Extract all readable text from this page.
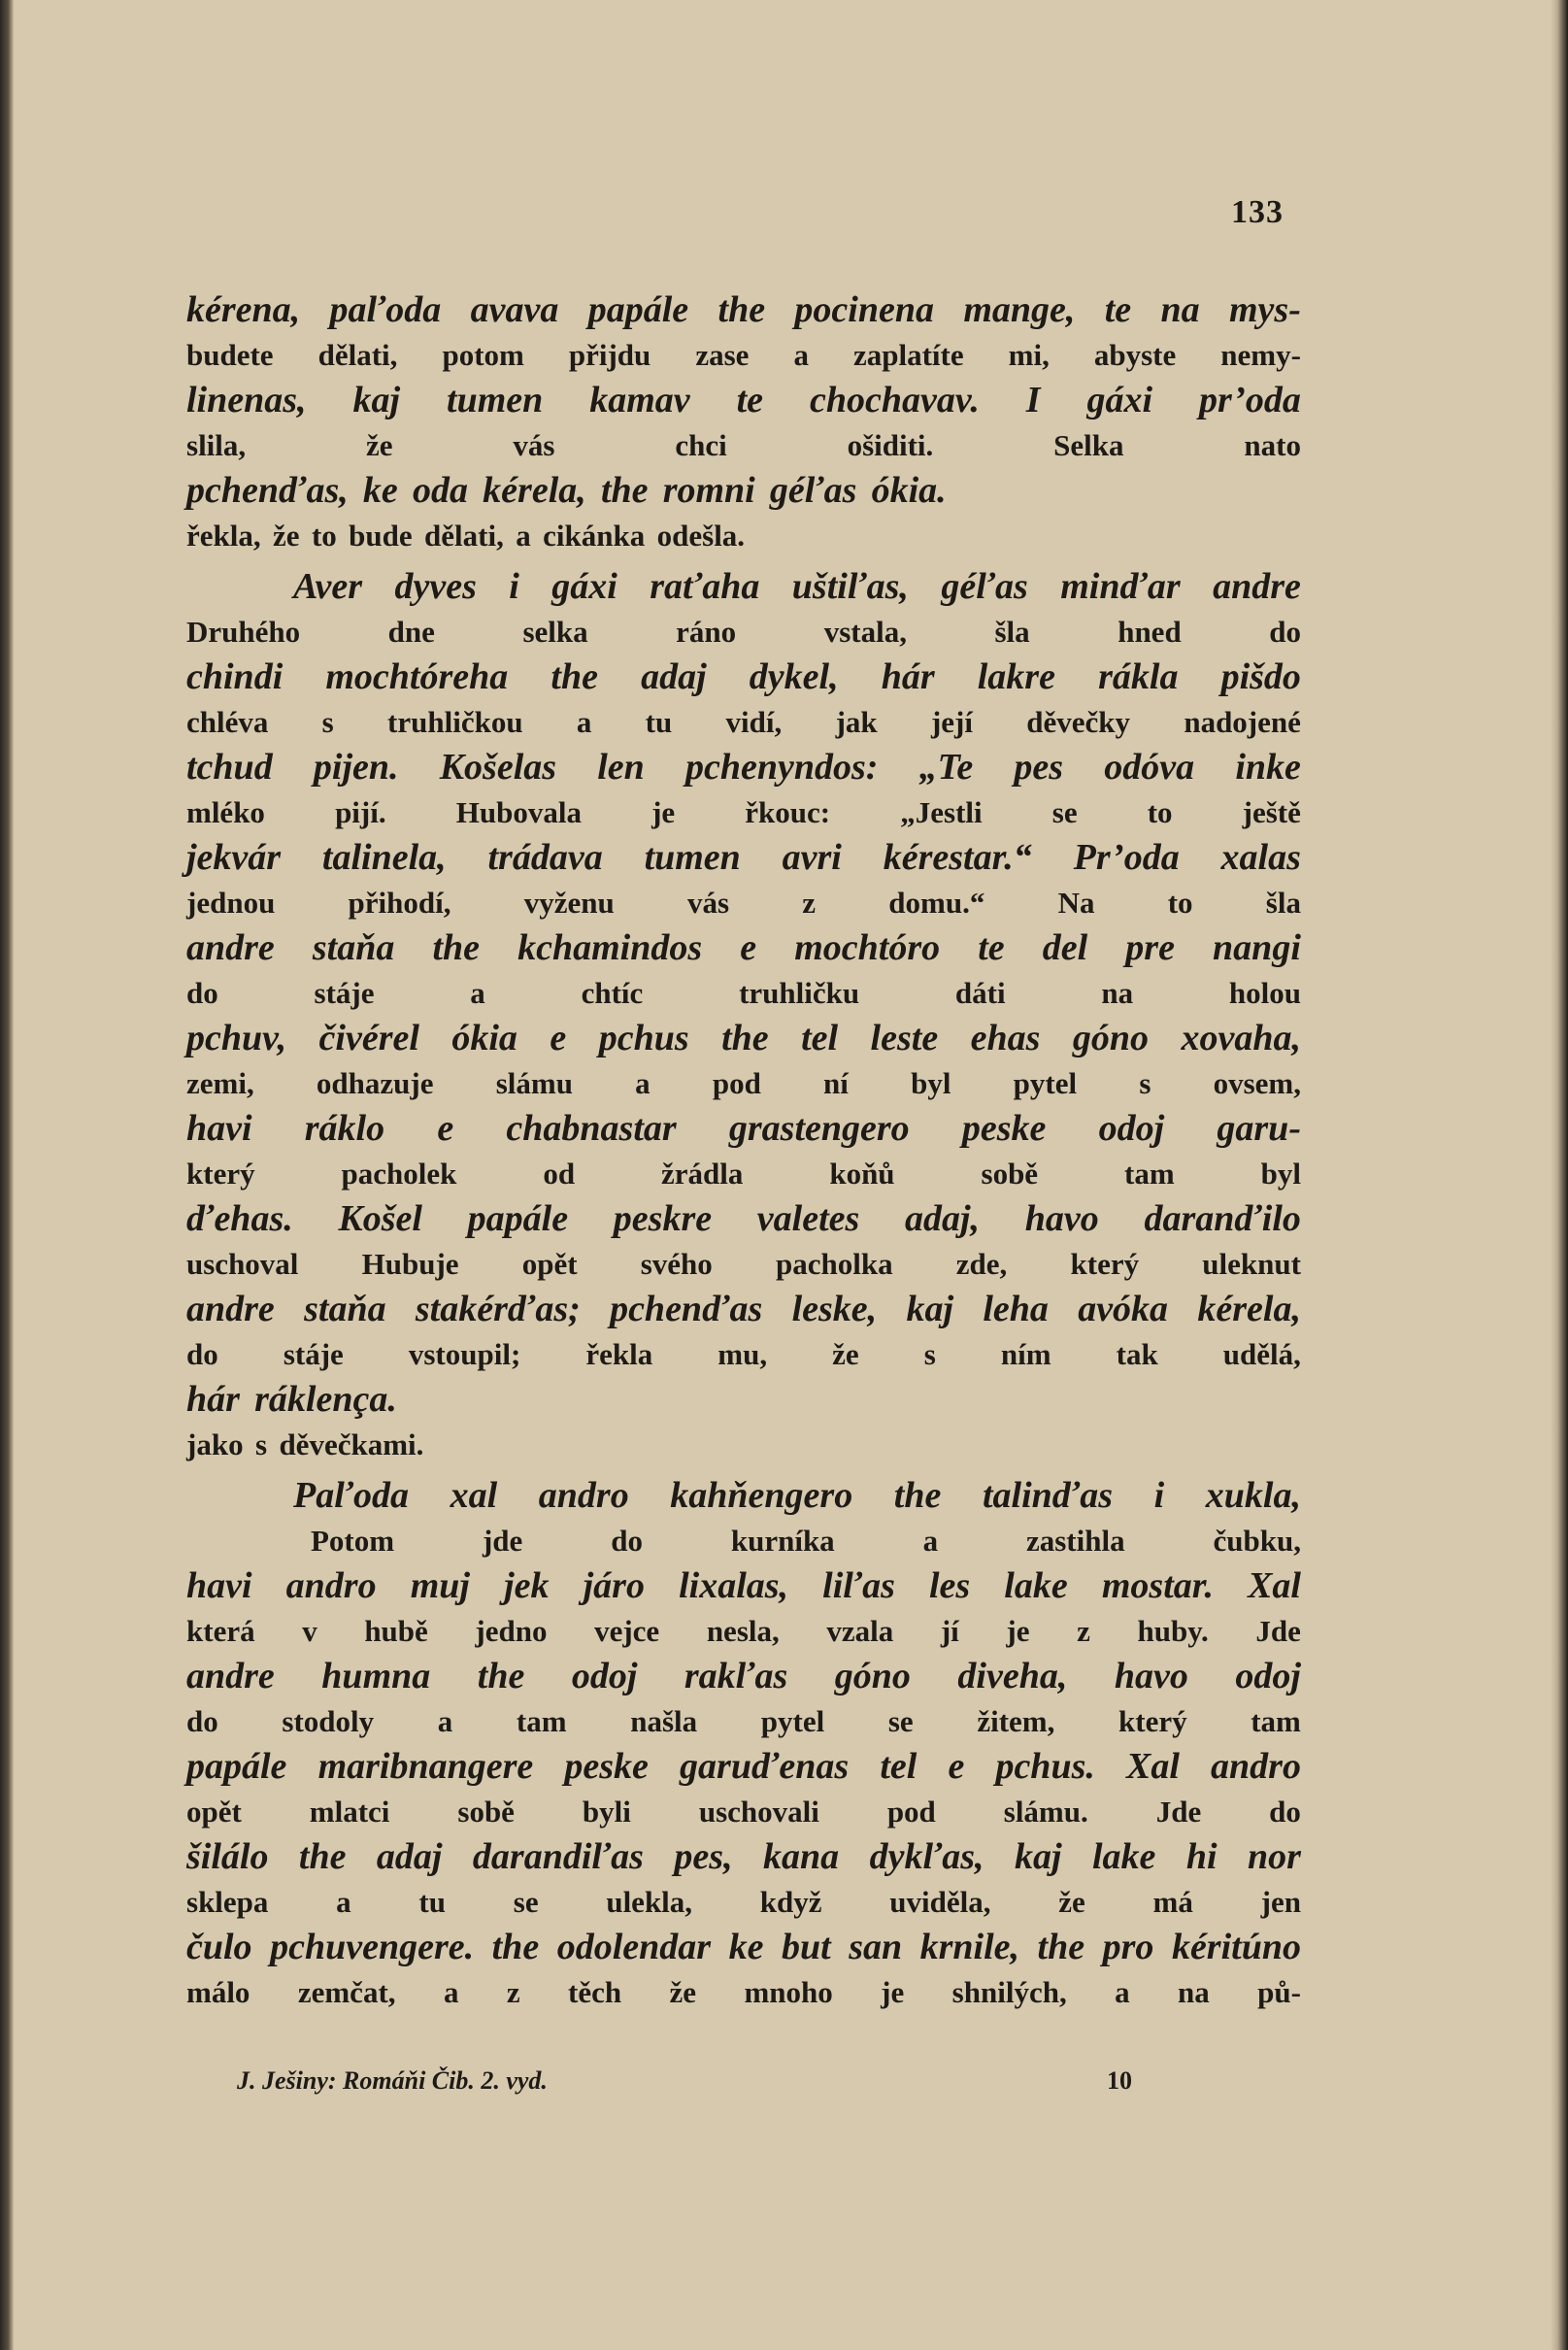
133
kérena, paľoda avava papále the pocinena mange, te na mys-
budete dělati, potom přijdu zase a zaplatíte mi, abyste nemy-
linenas, kaj tumen kamav te chochavav. I gáxi pr’oda
slila,	že	vás	chci	ošiditi.	Selka	nato
pchenďas, ke oda kérela, the romni géľas ókia.
řekla, že to bude dělati, a cikánka odešla.
Aver dyves i gáxi raťaha uštiľas, géľas minďar andre
Druhého	dne	selka	ráno	vstala,	šla	hned	do
chindi mochtóreha the adaj dykel, hár lakre rákla pišdo
chléva s truhličkou a tu vidí, jak její děvečky nadojené
tchud pijen. Košelas len pchenyndos: „Te pes odóva inke
mléko pijí. Hubovala je řkouc: „Jestli se to ještě
jekvár talinela, trádava tumen avri kérestar.“ Pr’oda xalas
jednou přihodí, vyženu vás z domu.“ Na to šla
andre staňa the kchamindos e mochtóro te del pre nangi
do	stáje	a	chtíc	truhličku	dáti	na	holou
pchuv, čivérel ókia e pchus the tel leste ehas góno xovaha,
zemi, odhazuje slámu a pod ní byl pytel s ovsem,
havi ráklo e chabnastar grastengero peske odoj garu-
který	pacholek	od	žrádla	koňů	sobě	tam	byl
ďehas. Košel papále peskre valetes adaj, havo daranďilo
uschoval Hubuje opět svého pacholka zde, který uleknut
andre staňa stakérďas; pchenďas leske, kaj leha avóka kérela,
do stáje vstoupil; řekla mu, že s ním tak udělá,
hár ráklença.
jako s děvečkami.
Paľoda xal andro kahňengero the talinďas i xukla,
Potom	jde	do	kurníka	a	zastihla	čubku,
havi andro muj jek járo lixalas, liľas les lake mostar. Xal
která v hubě jedno vejce nesla, vzala jí je z huby. Jde
andre humna the odoj rakľas góno diveha, havo odoj
do stodoly a tam našla pytel se žitem, který tam
papále maribnangere peske garuďenas tel e pchus. Xal andro
opět mlatci sobě byli uschovali pod slámu. Jde do
šilálo the adaj darandiľas pes, kana dykľas, kaj lake hi nor
sklepa a tu se ulekla, když uviděla, že má jen
čulo pchuvengere. the odolendar ke but san krnile, the pro kéritúno
málo zemčat, a z těch že mnoho je shnilých, a na pů-
J. Ješiny: Romáňi Čib. 2. vyd.	10
